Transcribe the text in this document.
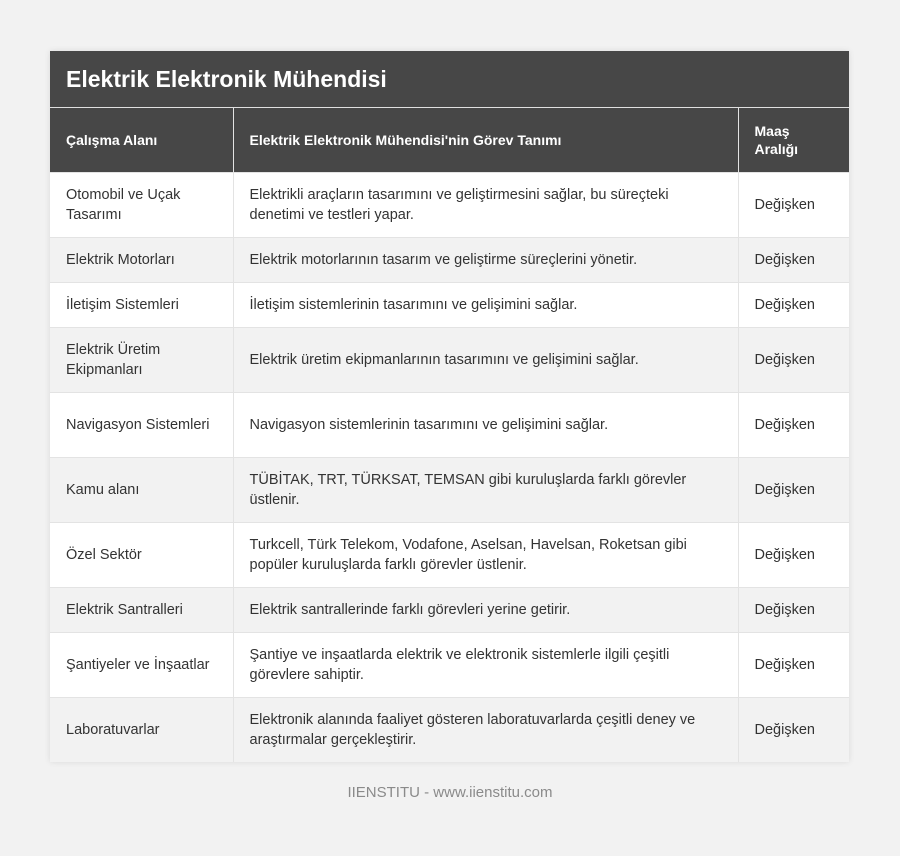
Elektrik Elektronik Mühendisi
Çalışma Alanı	Elektrik Elektronik Mühendisi'nin Görev Tanımı	Maaş Aralığı
Otomobil ve Uçak Tasarımı	Elektrikli araçların tasarımını ve geliştirmesini sağlar, bu süreçteki denetimi ve testleri yapar.	Değişken
Elektrik Motorları	Elektrik motorlarının tasarım ve geliştirme süreçlerini yönetir.	Değişken
İletişim Sistemleri	İletişim sistemlerinin tasarımını ve gelişimini sağlar.	Değişken
Elektrik Üretim Ekipmanları	Elektrik üretim ekipmanlarının tasarımını ve gelişimini sağlar.	Değişken
Navigasyon Sistemleri	Navigasyon sistemlerinin tasarımını ve gelişimini sağlar.	Değişken
Kamu alanı	TÜBİTAK, TRT, TÜRKSAT, TEMSAN gibi kuruluşlarda farklı görevler üstlenir.	Değişken
Özel Sektör	Turkcell, Türk Telekom, Vodafone, Aselsan, Havelsan, Roketsan gibi popüler kuruluşlarda farklı görevler üstlenir.	Değişken
Elektrik Santralleri	Elektrik santrallerinde farklı görevleri yerine getirir.	Değişken
Şantiyeler ve İnşaatlar	Şantiye ve inşaatlarda elektrik ve elektronik sistemlerle ilgili çeşitli görevlere sahiptir.	Değişken
Laboratuvarlar	Elektronik alanında faaliyet gösteren laboratuvarlarda çeşitli deney ve araştırmalar gerçekleştirir.	Değişken
IIENSTITU - www.iienstitu.com
